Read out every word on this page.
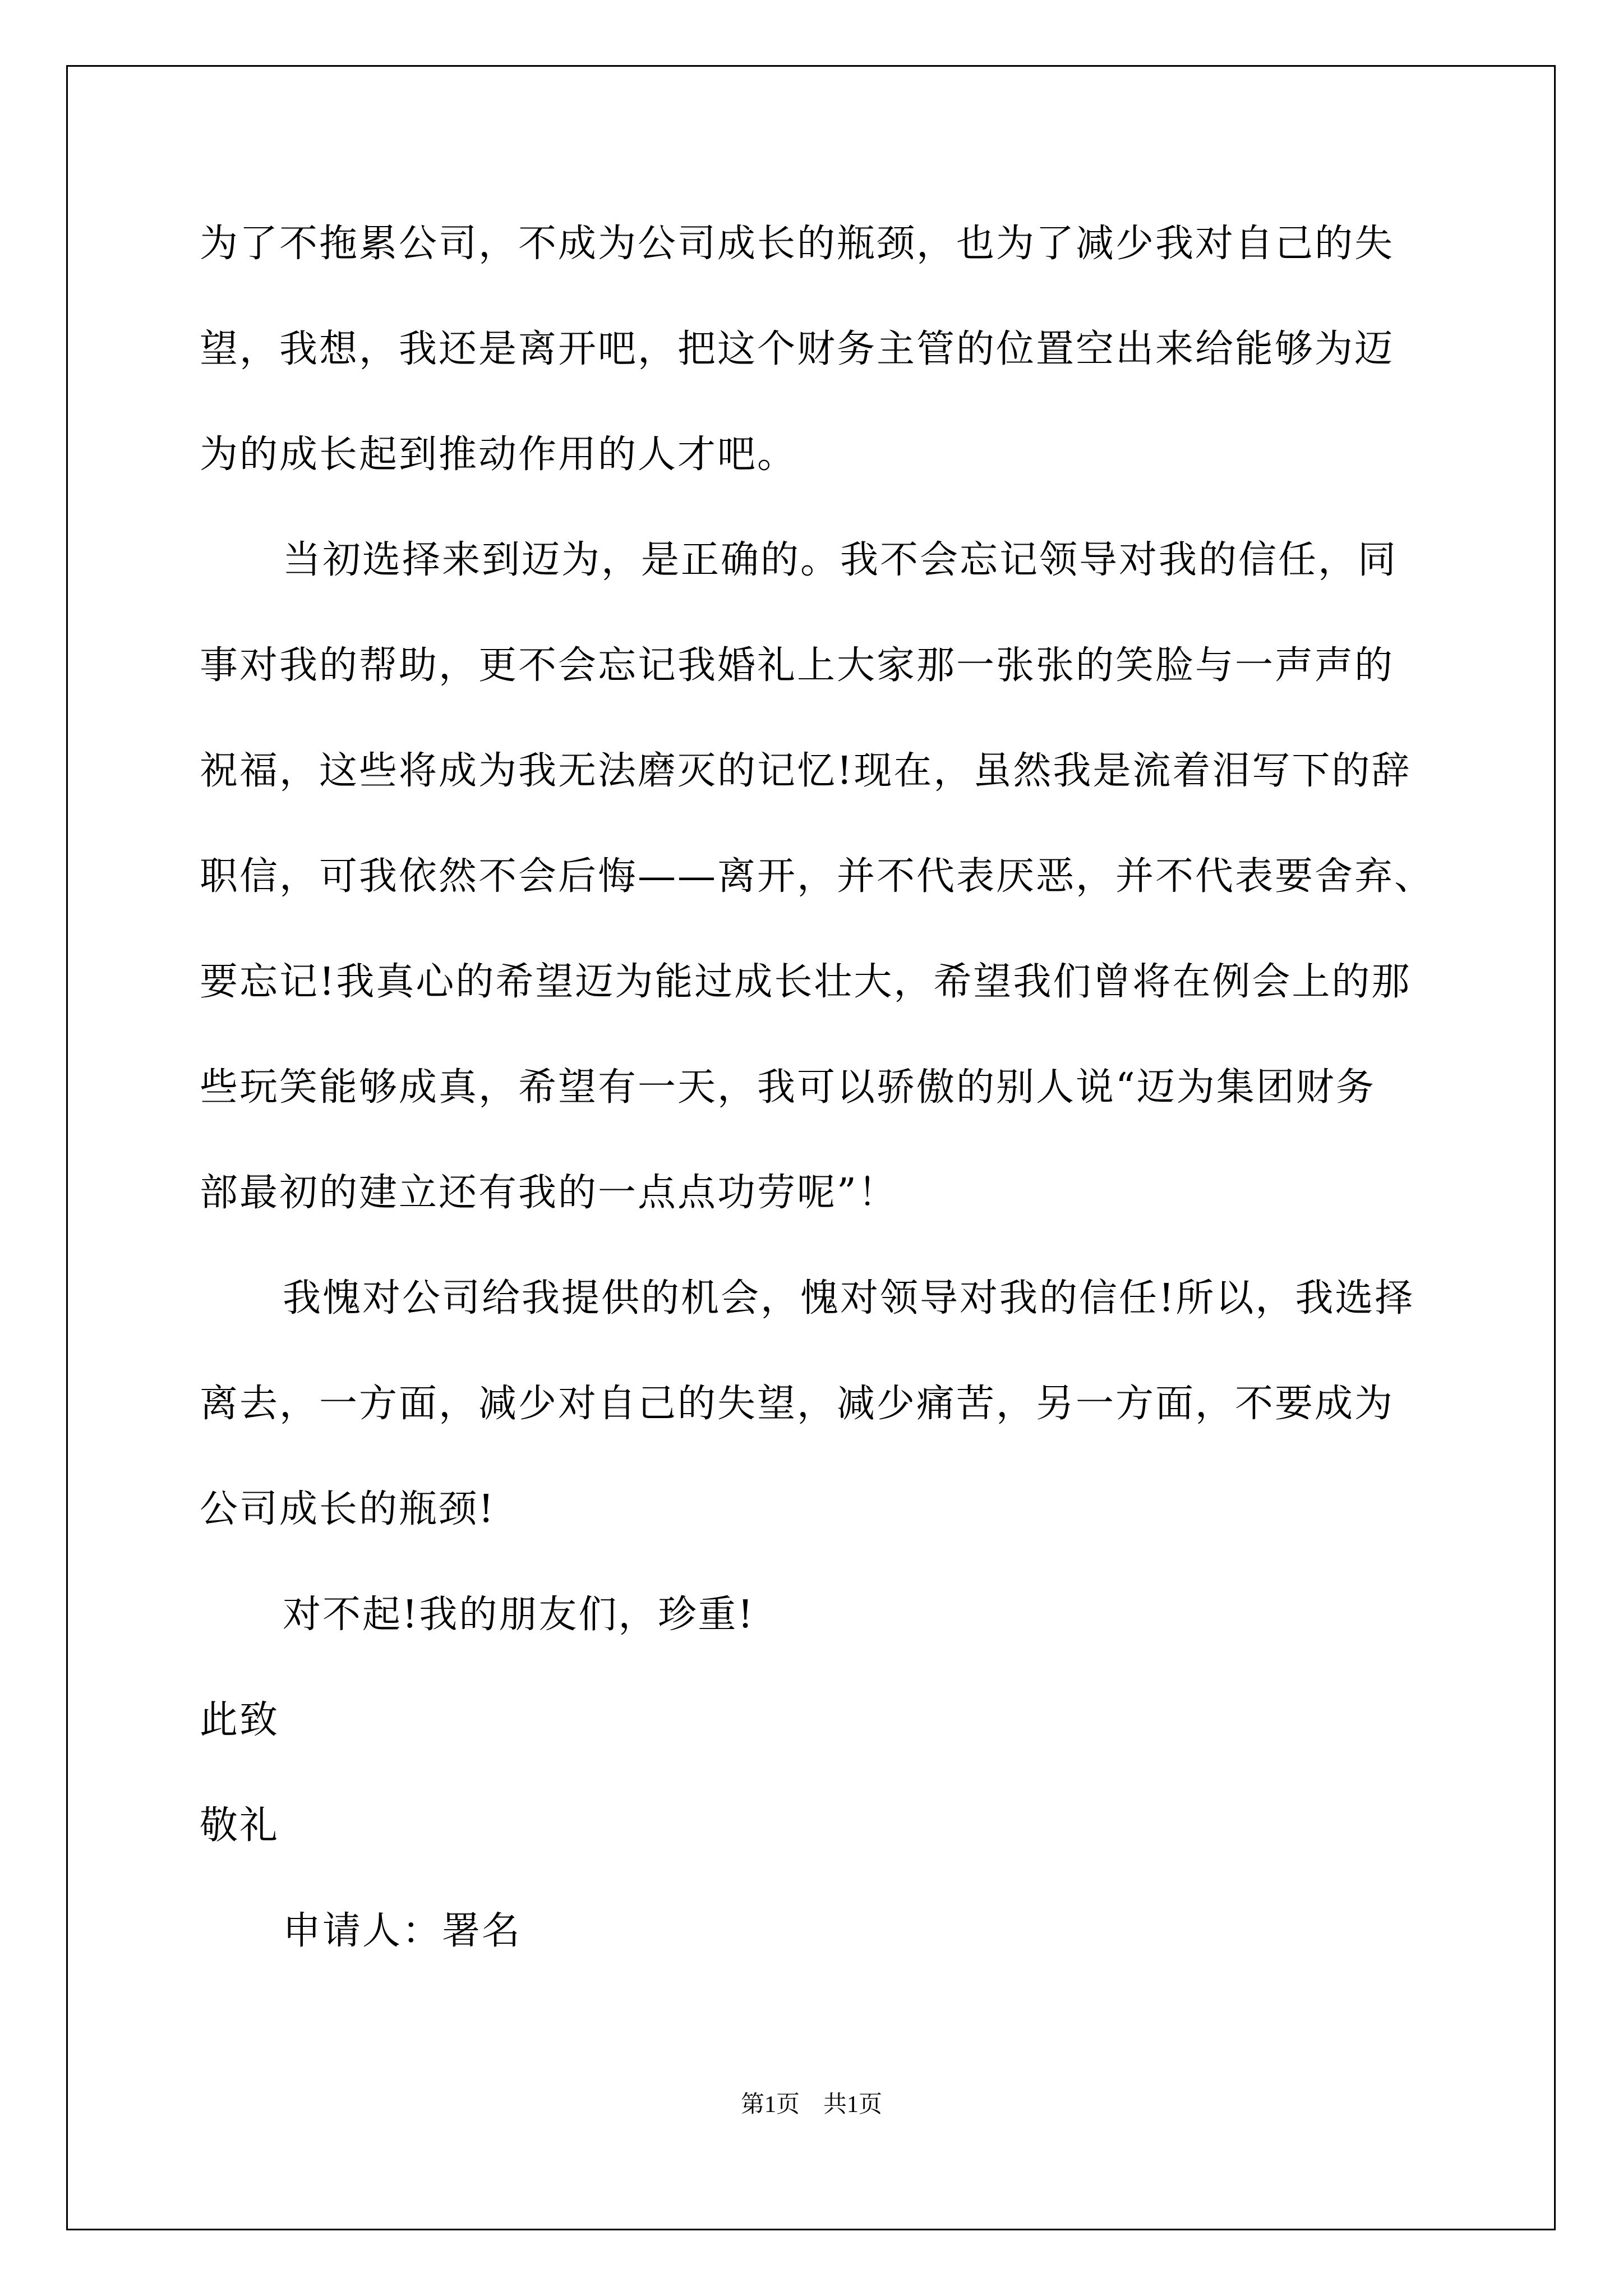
为了不拖累公司，不成为公司成长的瓶颈，也为了减少我对自己的失
望，我想，我还是离开吧，把这个财务主管的位置空出来给能够为迈
为的成长起到推动作用的人才吧。
当初选择来到迈为，是正确的。我不会忘记领导对我的信任，同
事对我的帮助，更不会忘记我婚礼上大家那一张张的笑脸与一声声的
祝福，这些将成为我无法磨灭的记忆!现在，虽然我是流着泪写下的辞
职信，可我依然不会后悔——离开，并不代表厌恶，并不代表要舍弃、
要忘记!我真心的希望迈为能过成长壮大，希望我们曾将在例会上的那
些玩笑能够成真，希望有一天，我可以骄傲的别人说“迈为集团财务
部最初的建立还有我的一点点功劳呢”！
我愧对公司给我提供的机会，愧对领导对我的信任!所以，我选择
离去，一方面，减少对自己的失望，减少痛苦，另一方面，不要成为
公司成长的瓶颈!
对不起!我的朋友们，珍重!
此致
敬礼
申请人：署名
第1页　共1页
